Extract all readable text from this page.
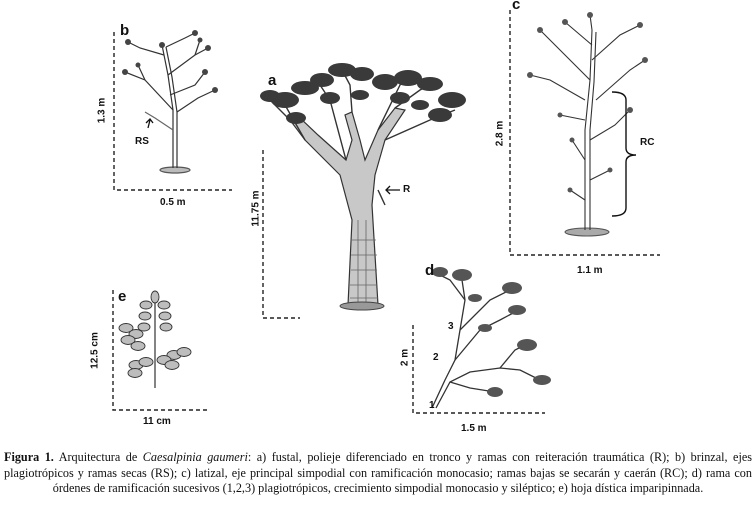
b
a
c
e
d
1.3 m
0.5 m
RS
11.75 m
R
2.8 m
1.1 m
RC
12.5 cm
11 cm
2 m
1.5 m
1
2
3
Figura 1. Arquitectura de Caesalpinia gaumeri: a) fustal, polieje diferenciado en tronco y ramas con reiteración traumática (R); b) brinzal, ejes plagiotrópicos y ramas secas (RS); c) latizal, eje principal simpodial con ramificación monocasio; ramas bajas se secarán y caerán (RC); d) rama con órdenes de ramificación sucesivos (1,2,3) plagiotrópicos, crecimiento simpodial monocasio y siléptico; e) hoja dística imparipinnada.
